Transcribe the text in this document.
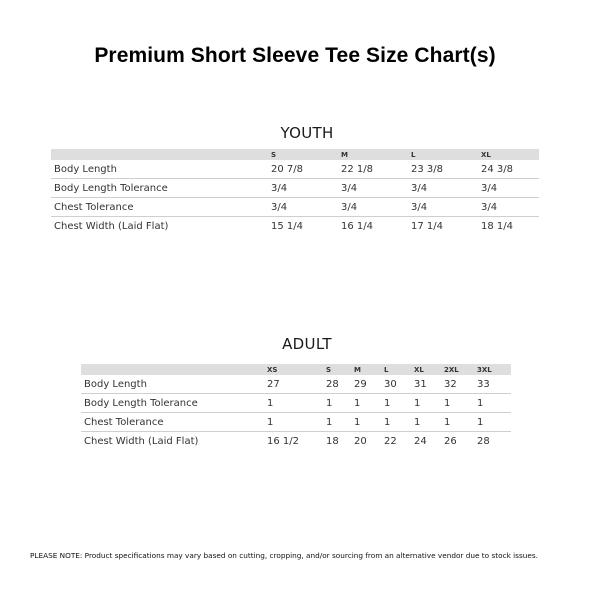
Premium Short Sleeve Tee Size Chart(s)
YOUTH
	S	M	L	XL
Body Length	20 7/8	22 1/8	23 3/8	24 3/8
Body Length Tolerance	3/4	3/4	3/4	3/4
Chest Tolerance	3/4	3/4	3/4	3/4
Chest Width (Laid Flat)	15 1/4	16 1/4	17 1/4	18 1/4
ADULT
	XS	S	M	L	XL	2XL	3XL
Body Length	27	28	29	30	31	32	33
Body Length Tolerance	1	1	1	1	1	1	1
Chest Tolerance	1	1	1	1	1	1	1
Chest Width (Laid Flat)	16 1/2	18	20	22	24	26	28
PLEASE NOTE: Product specifications may vary based on cutting, cropping, and/or sourcing from an alternative vendor due to stock issues.
